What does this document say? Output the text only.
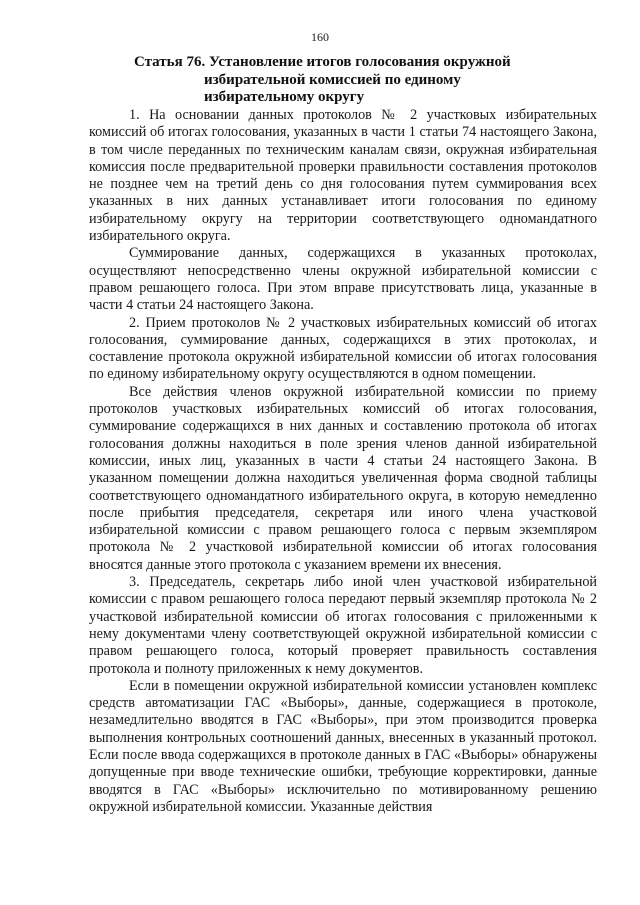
160
Статья 76. Установление итогов голосования окружной
избирательной комиссией по единому
избирательному округу

1. На основании данных протоколов № 2 участковых избирательных комиссий об итогах голосования, указанных в части 1 статьи 74 настоящего Закона, в том числе переданных по техническим каналам связи, окружная избирательная комиссия после предварительной проверки правильности составления протоколов не позднее чем на третий день со дня голосования путем суммирования всех указанных в них данных устанавливает итоги голосования по единому избирательному округу на территории соответствующего одномандатного избирательного округа.

Суммирование данных, содержащихся в указанных протоколах, осуществляют непосредственно члены окружной избирательной комиссии с правом решающего голоса. При этом вправе присутствовать лица, указанные в части 4 статьи 24 настоящего Закона.

2. Прием протоколов № 2 участковых избирательных комиссий об итогах голосования, суммирование данных, содержащихся в этих протоколах, и составление протокола окружной избирательной комиссии об итогах голосования по единому избирательному округу осуществляются в одном помещении.

Все действия членов окружной избирательной комиссии по приему протоколов участковых избирательных комиссий об итогах голосования, суммирование содержащихся в них данных и составлению протокола об итогах голосования должны находиться в поле зрения членов данной избирательной комиссии, иных лиц, указанных в части 4 статьи 24 настоящего Закона. В указанном помещении должна находиться увеличенная форма сводной таблицы соответствующего одномандатного избирательного округа, в которую немедленно после прибытия председателя, секретаря или иного члена участковой избирательной комиссии с правом решающего голоса с первым экземпляром протокола № 2 участковой избирательной комиссии об итогах голосования вносятся данные этого протокола с указанием времени их внесения.

3. Председатель, секретарь либо иной член участковой избирательной комиссии с правом решающего голоса передают первый экземпляр протокола № 2 участковой избирательной комиссии об итогах голосования с приложенными к нему документами члену соответствующей окружной избирательной комиссии с правом решающего голоса, который проверяет правильность составления протокола и полноту приложенных к нему документов.

Если в помещении окружной избирательной комиссии установлен комплекс средств автоматизации ГАС «Выборы», данные, содержащиеся в протоколе, незамедлительно вводятся в ГАС «Выборы», при этом производится проверка выполнения контрольных соотношений данных, внесенных в указанный протокол. Если после ввода содержащихся в протоколе данных в ГАС «Выборы» обнаружены допущенные при вводе технические ошибки, требующие корректировки, данные вводятся в ГАС «Выборы» исключительно по мотивированному решению окружной избирательной комиссии. Указанные действия
